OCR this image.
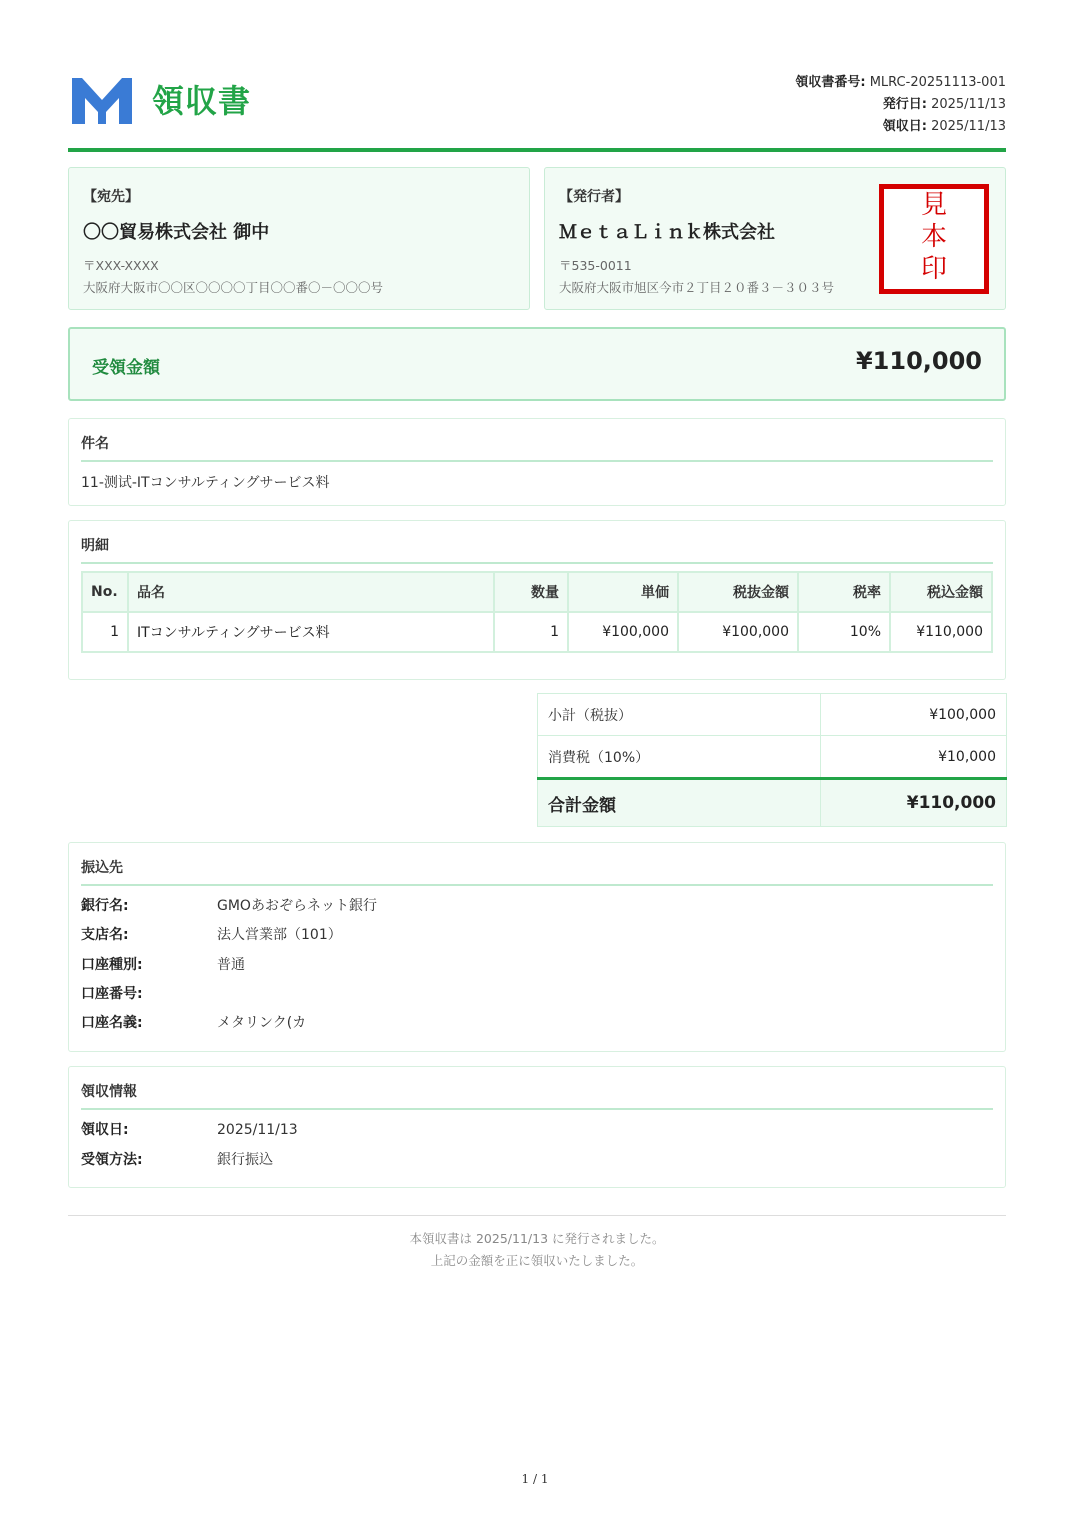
領収書	領収書番号: MLRC-20251113-001
発行日: 2025/11/13
領収日: 2025/11/13
【宛先】
〇〇貿易株式会社 御中
〒XXX-XXXX
大阪府大阪市〇〇区〇〇〇〇丁目〇〇番〇－〇〇〇号
【発行者】
ＭｅｔａＬｉｎｋ株式会社
〒535-0011
大阪府大阪市旭区今市２丁目２０番３－３０３号
見
本
印
受領金額	¥110,000
件名
11-测试-ITコンサルティングサービス料
明細
No.	品名	数量	単価	税抜金額	税率	税込金額
1	ITコンサルティングサービス料	1	¥100,000	¥100,000	10%	¥110,000
小計（税抜）	¥100,000
消費税（10%）	¥10,000
合計金額	¥110,000
振込先
銀行名:	GMOあおぞらネット銀行
支店名:	法人営業部（101）
口座種別:	普通
口座番号:
口座名義:	メタリンク(カ
領収情報
領収日:	2025/11/13
受領方法:	銀行振込
本領収書は 2025/11/13 に発行されました。
上記の金額を正に領収いたしました。
1 / 1
